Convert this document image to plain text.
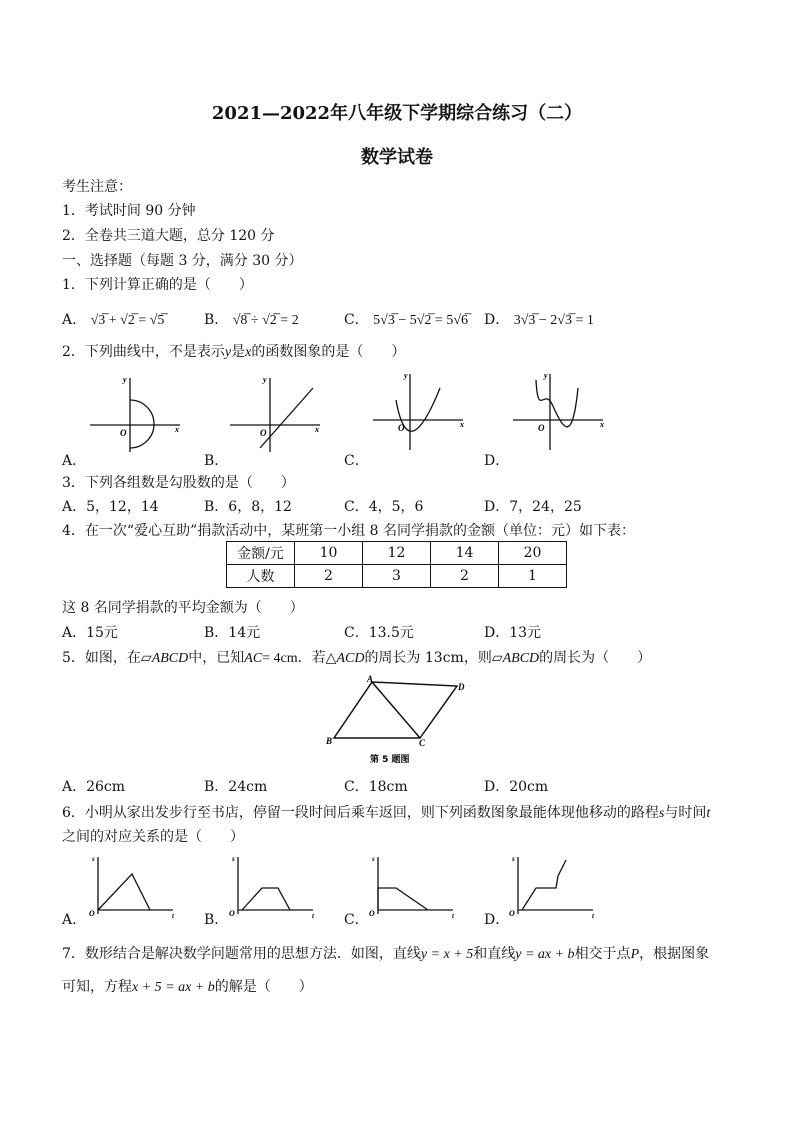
2021—2022年八年级下学期综合练习（二）
数学试卷
考生注意：
1．考试时间 90 分钟
2．全卷共三道大题，总分 120 分
一、选择题（每题 3 分，满分 30 分）
1．下列计算正确的是（　　）
A． √3̅ + √2̅ = √5̅	B． √8̅ ÷ √2̅ = 2	C． 5√3̅ − 5√2̅ = 5√6̅ D． 3√3̅ − 2√3̅ = 1
2．下列曲线中，不是表示y是x的函数图象的是（　　）
x
y
O	x
y
O
x
y
O	x
y
O
A．	B．	C．	D．
3．下列各组数是勾股数的是（　　）
A．5，12，14	B．6，8，12	C．4，5，6	D．7，24，25
4．在一次“爱心互助”捐款活动中，某班第一小组 8 名同学捐款的金额（单位：元）如下表：
金额/元	10	12	14	20
人数	2	3	2	1
这 8 名同学捐款的平均金额为（　　）
A．15元	B．14元	C．13.5元	D．13元
5．如图，在▱ABCD中，已知AC= 4cm．若△ACD的周长为 13cm，则▱ABCD的周长为（　　）
A
B	C
D
第 5 题图
A．26cm	B．24cm	C．18cm	D．20cm
6．小明从家出发步行至书店，停留一段时间后乘车返回，则下列函数图象最能体现他移动的路程s与时间t
之间的对应关系的是（　　）
s
t
O
s
t
O
s
t
O
s
t
O
A．	B．	C．	D．
7．数形结合是解决数学问题常用的思想方法．如图，直线y = x + 5和直线y = ax + b相交于点P，根据图象
可知，方程x + 5 = ax + b的解是（　　）
